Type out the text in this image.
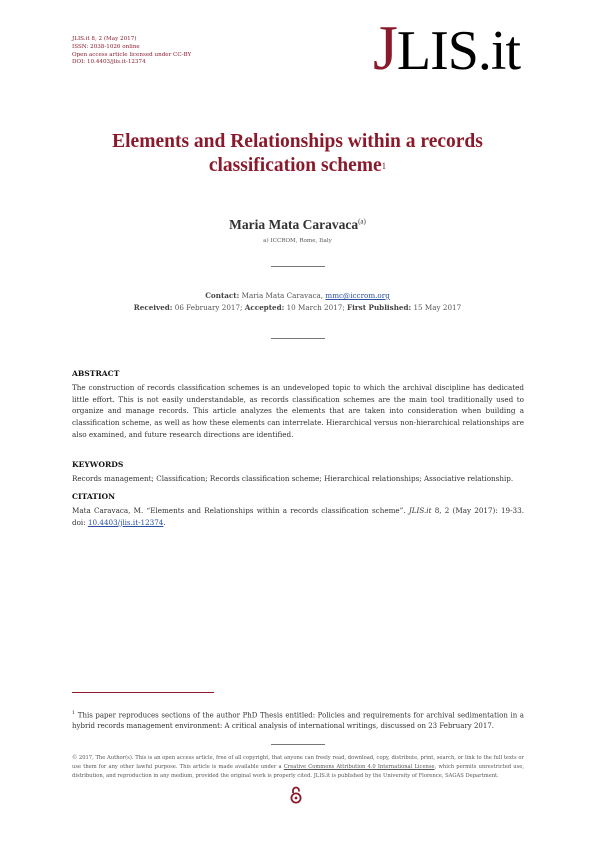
JLIS.it 8, 2 (May 2017)
ISSN: 2038-1026 online
Open access article licensed under CC-BY
DOI: 10.4403/jlis.it-12374	JLIS.it
Elements and Relationships within a records classification scheme$^1$
Maria Mata Caravaca$^{(a)}$
a) ICCROM, Rome, Italy
Contact: Maria Mata Caravaca, mmc@iccrom.org
Received: 06 February 2017; Accepted: 10 March 2017; First Published: 15 May 2017
ABSTRACT

The construction of records classification schemes is an undeveloped topic to which the archival discipline has dedicated little effort. This is not easily understandable, as records classification schemes are the main tool traditionally used to organize and manage records. This article analyzes the elements that are taken into consideration when building a classification scheme, as well as how these elements can interrelate. Hierarchical versus non-hierarchical relationships are also examined, and future research directions are identified.

KEYWORDS

Records management; Classification; Records classification scheme; Hierarchical relationships; Associative relationship.

CITATION

Mata Caravaca, M. “Elements and Relationships within a records classification scheme”. JLIS.it 8, 2 (May 2017): 19-33. doi: 10.4403/jlis.it-12374.

$^1$ This paper reproduces sections of the author PhD Thesis entitled: Policies and requirements for archival sedimentation in a hybrid records management environment: A critical analysis of international writings, discussed on 23 February 2017.
© 2017, The Author(s). This is an open access article, free of all copyright, that anyone can freely read, download, copy, distribute, print, search, or link to the full texts or use them for any other lawful purpose. This article is made available under a Creative Commons Attribution 4.0 International License, which permits unrestricted use, distribution, and reproduction in any medium, provided the original work is properly cited. JLIS.it is published by the University of Florence, SAGAS Department.
